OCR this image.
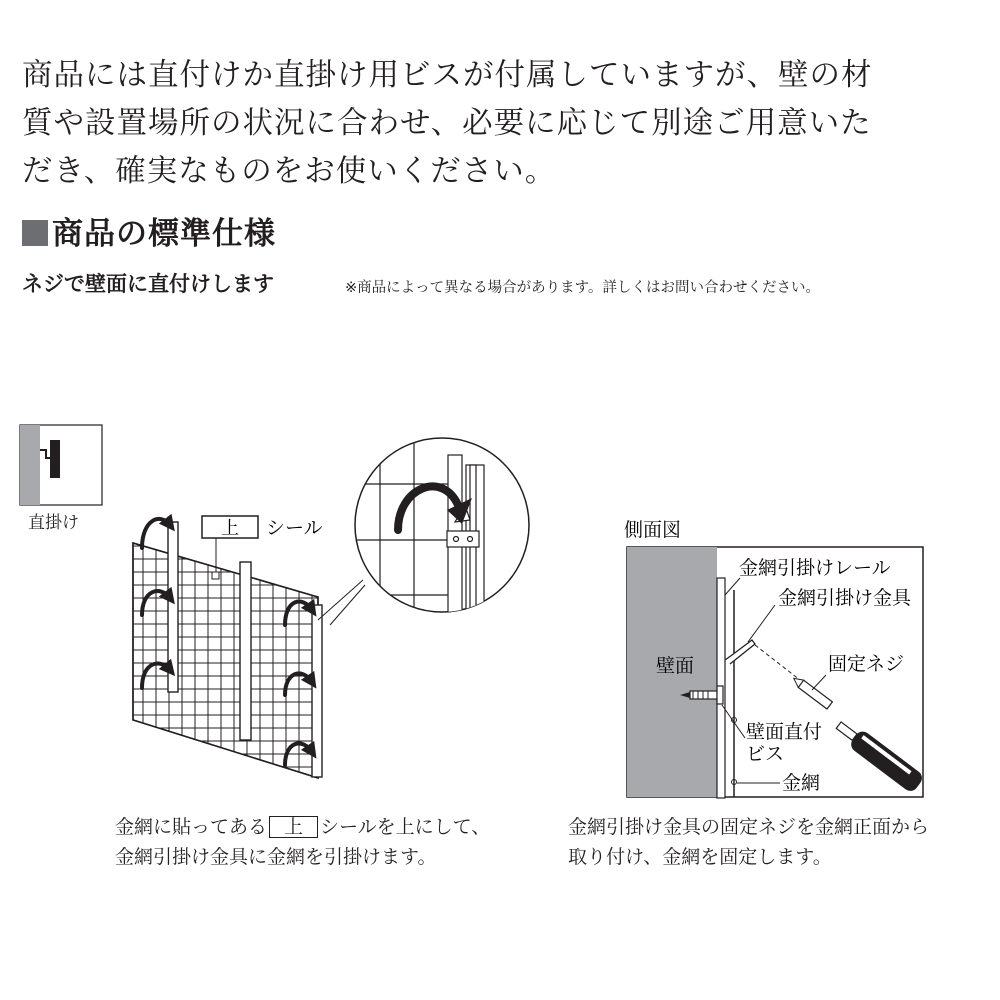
商品には直付けか直掛け用ビスが付属していますが、壁の材
質や設置場所の状況に合わせ、必要に応じて別途ご用意いた
だき、確実なものをお使いください。

商品の標準仕様
ネジで壁面に直付けします	※商品によって異なる場合があります。詳しくはお問い合わせください。
上 シール	側面図
壁面
金網引掛けレール
金網引掛け金具
固定ネジ
壁面直付
ビス
金網
直掛け
金網に貼ってある 上 シールを上にして、
金網引掛け金具に金網を引掛けます。
金網引掛け金具の固定ネジを金網正面から
取り付け、金網を固定します。
